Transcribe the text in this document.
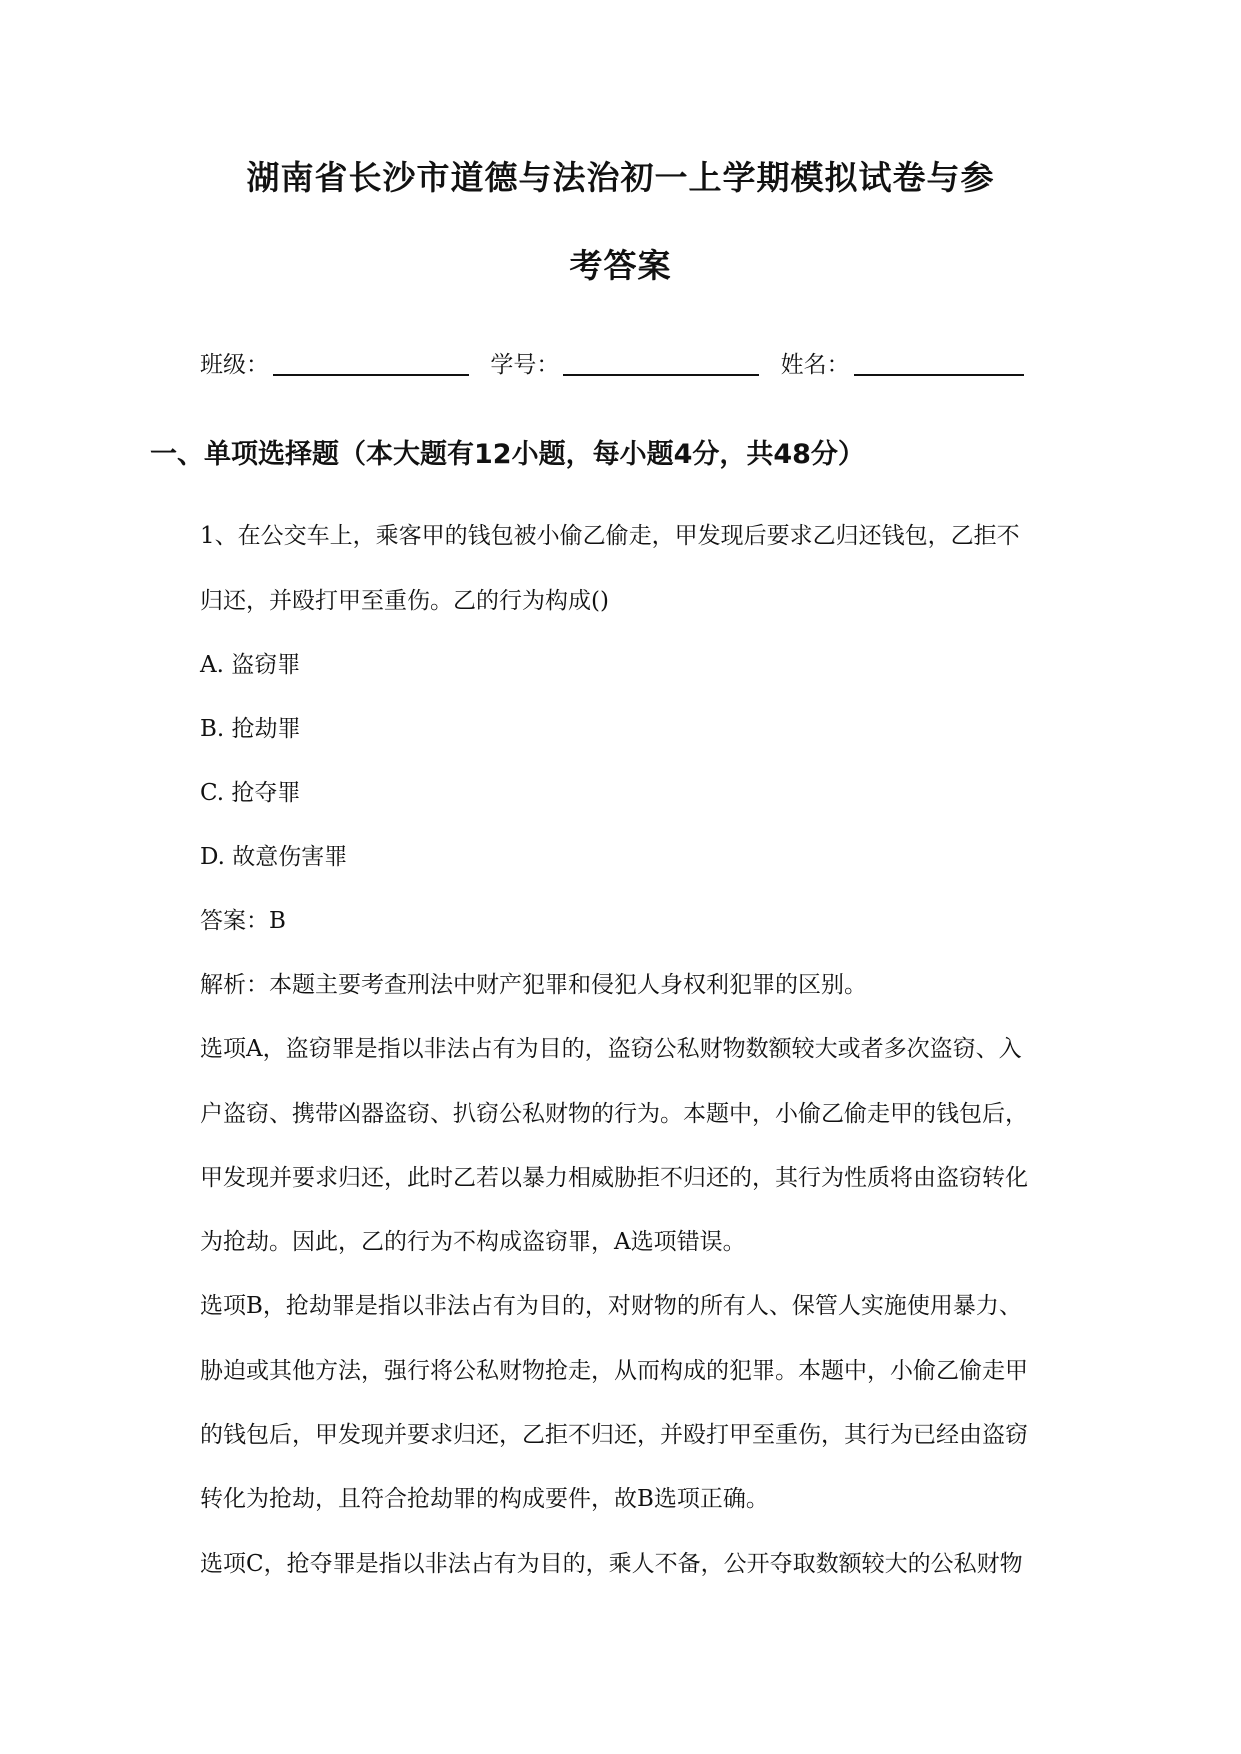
湖南省长沙市道德与法治初一上学期模拟试卷与参
考答案
班级：	学号：	姓名：
一、单项选择题（本大题有12小题，每小题4分，共48分）
1、在公交车上，乘客甲的钱包被小偷乙偷走，甲发现后要求乙归还钱包，乙拒不
归还，并殴打甲至重伤。乙的行为构成()
A. 盗窃罪
B. 抢劫罪
C. 抢夺罪
D. 故意伤害罪
答案：B
解析：本题主要考查刑法中财产犯罪和侵犯人身权利犯罪的区别。
选项A，盗窃罪是指以非法占有为目的，盗窃公私财物数额较大或者多次盗窃、入
户盗窃、携带凶器盗窃、扒窃公私财物的行为。本题中，小偷乙偷走甲的钱包后，
甲发现并要求归还，此时乙若以暴力相威胁拒不归还的，其行为性质将由盗窃转化
为抢劫。因此，乙的行为不构成盗窃罪，A选项错误。
选项B，抢劫罪是指以非法占有为目的，对财物的所有人、保管人实施使用暴力、
胁迫或其他方法，强行将公私财物抢走，从而构成的犯罪。本题中，小偷乙偷走甲
的钱包后，甲发现并要求归还，乙拒不归还，并殴打甲至重伤，其行为已经由盗窃
转化为抢劫，且符合抢劫罪的构成要件，故B选项正确。
选项C，抢夺罪是指以非法占有为目的，乘人不备，公开夺取数额较大的公私财物
